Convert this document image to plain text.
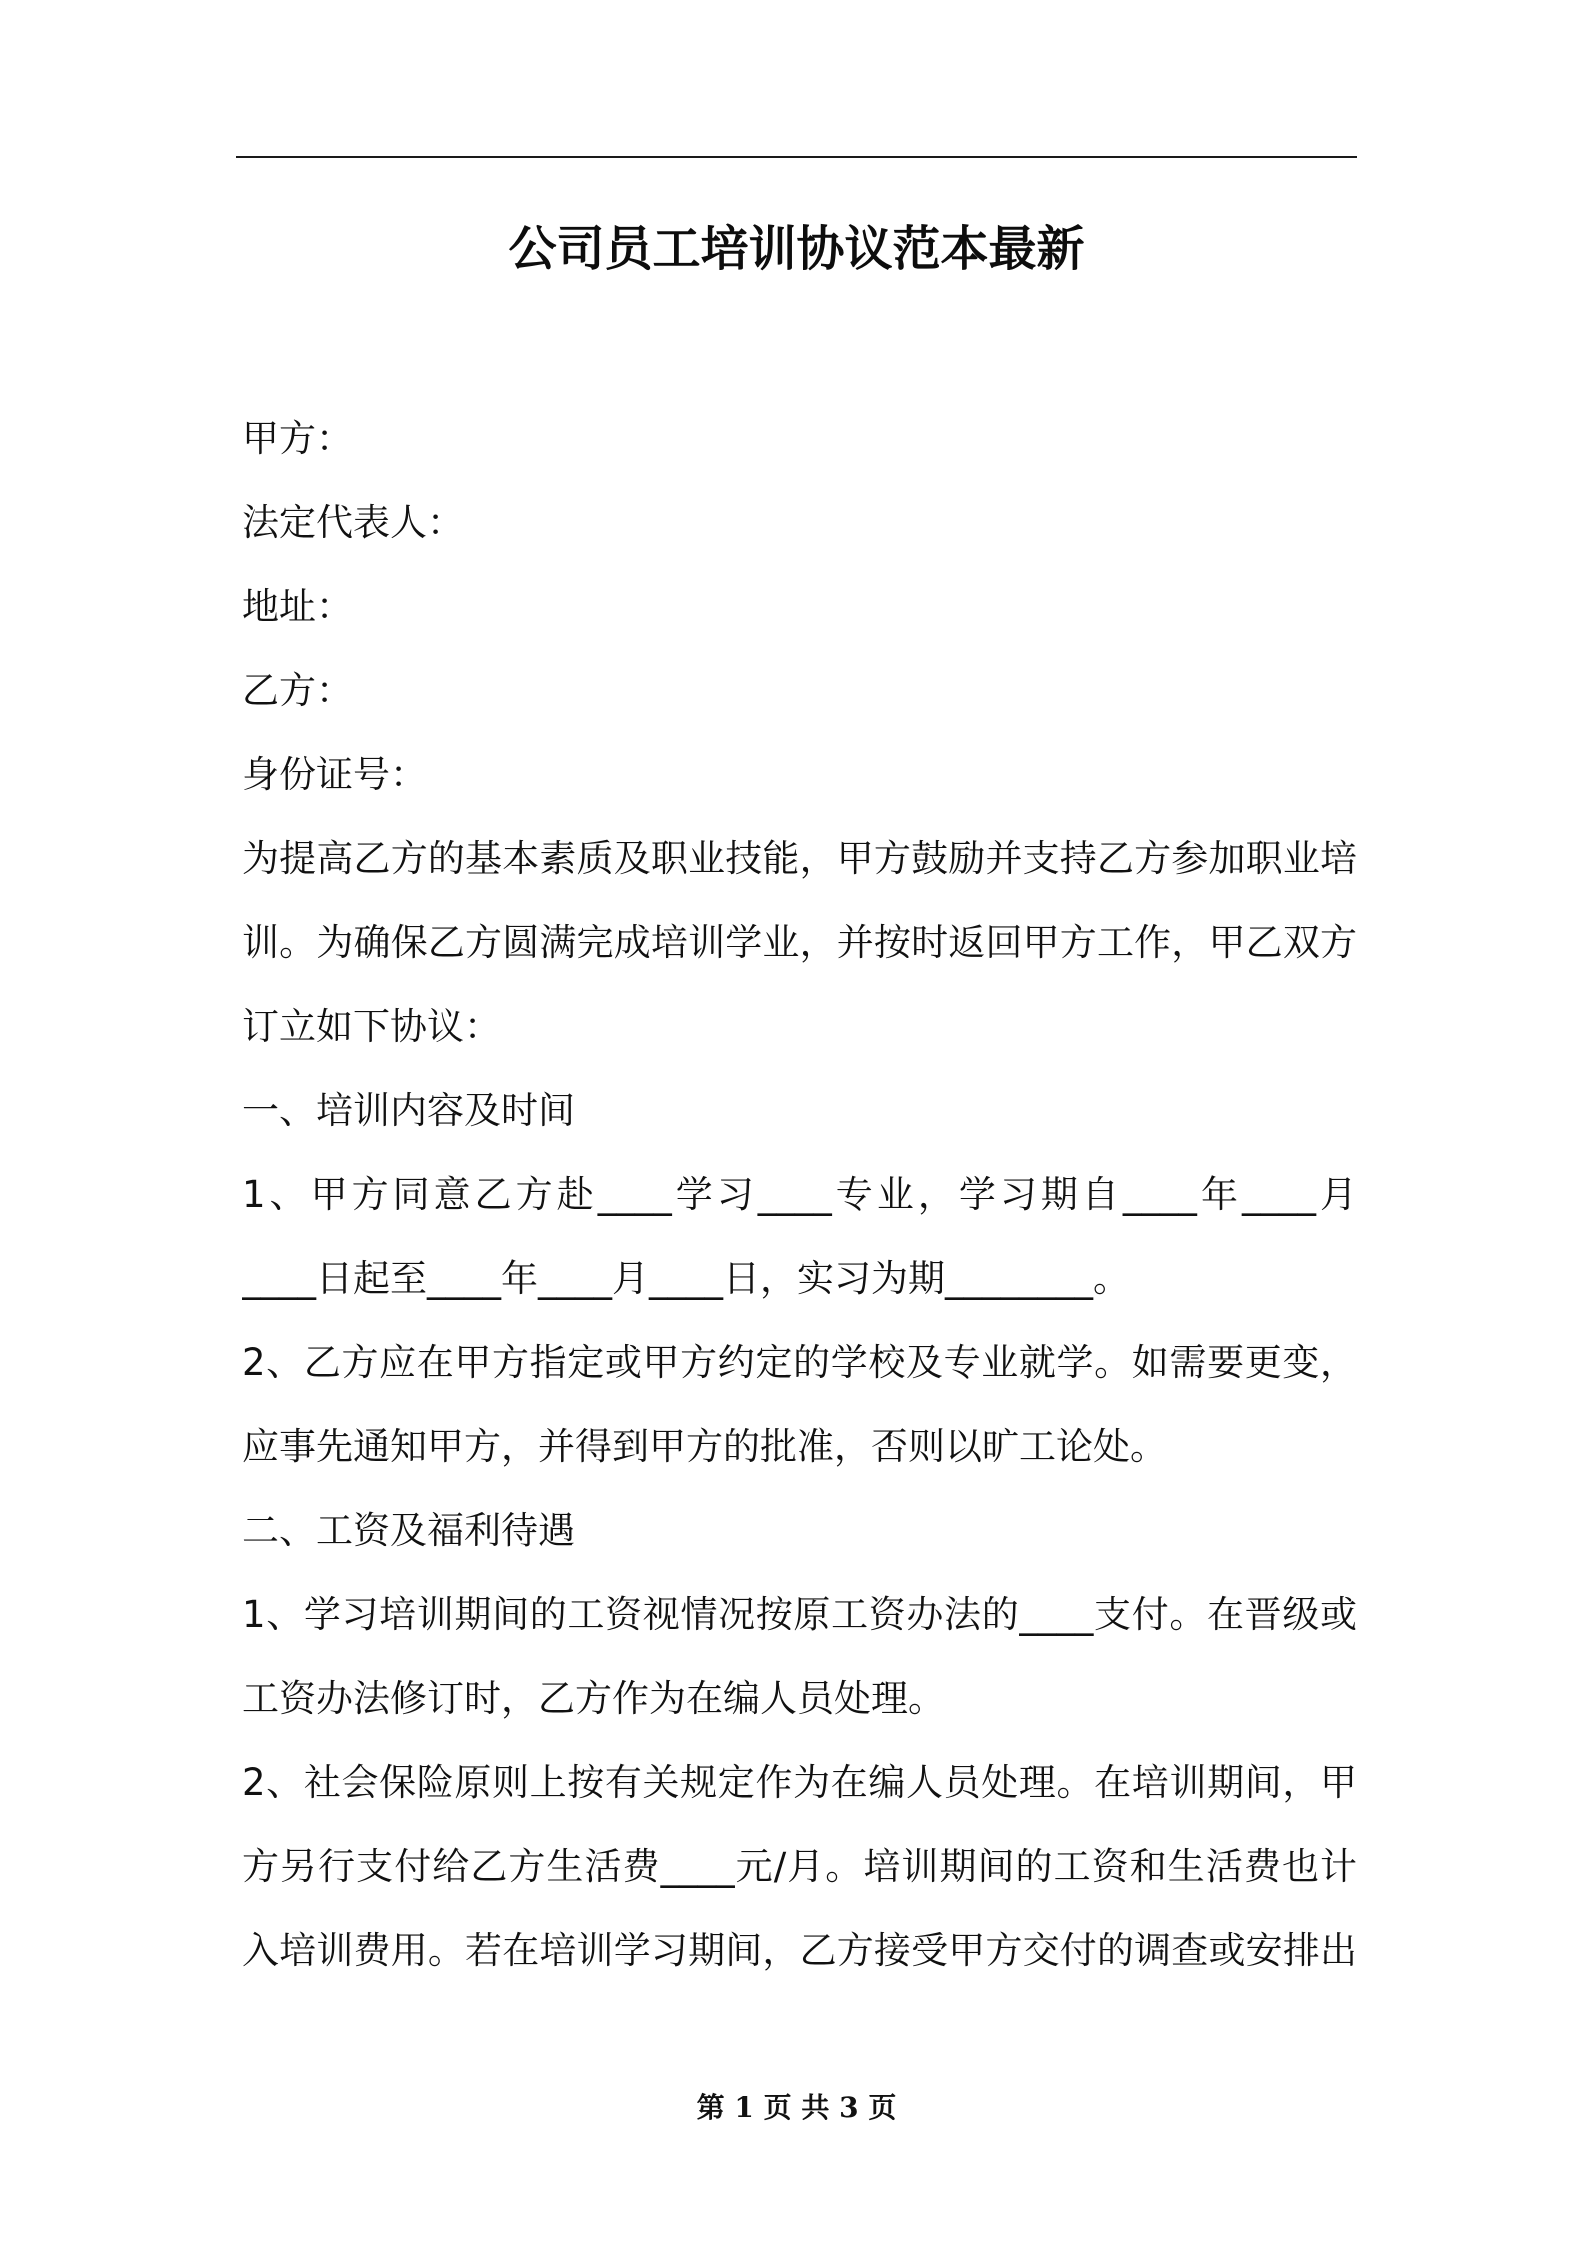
公司员工培训协议范本最新
甲方：
法定代表人：
地址：
乙方：
身份证号：
为提高乙方的基本素质及职业技能，甲方鼓励并支持乙方参加职业培
训。为确保乙方圆满完成培训学业，并按时返回甲方工作，甲乙双方
订立如下协议：
一、培训内容及时间
1、甲方同意乙方赴____学习____专业，学习期自____年____月
____日起至____年____月____日，实习为期________。
2、乙方应在甲方指定或甲方约定的学校及专业就学。如需要更变，
应事先通知甲方，并得到甲方的批准，否则以旷工论处。
二、工资及福利待遇
1、学习培训期间的工资视情况按原工资办法的____支付。在晋级或
工资办法修订时，乙方作为在编人员处理。
2、社会保险原则上按有关规定作为在编人员处理。在培训期间，甲
方另行支付给乙方生活费____元/月。培训期间的工资和生活费也计
入培训费用。若在培训学习期间，乙方接受甲方交付的调查或安排出
第 1 页 共 3 页
